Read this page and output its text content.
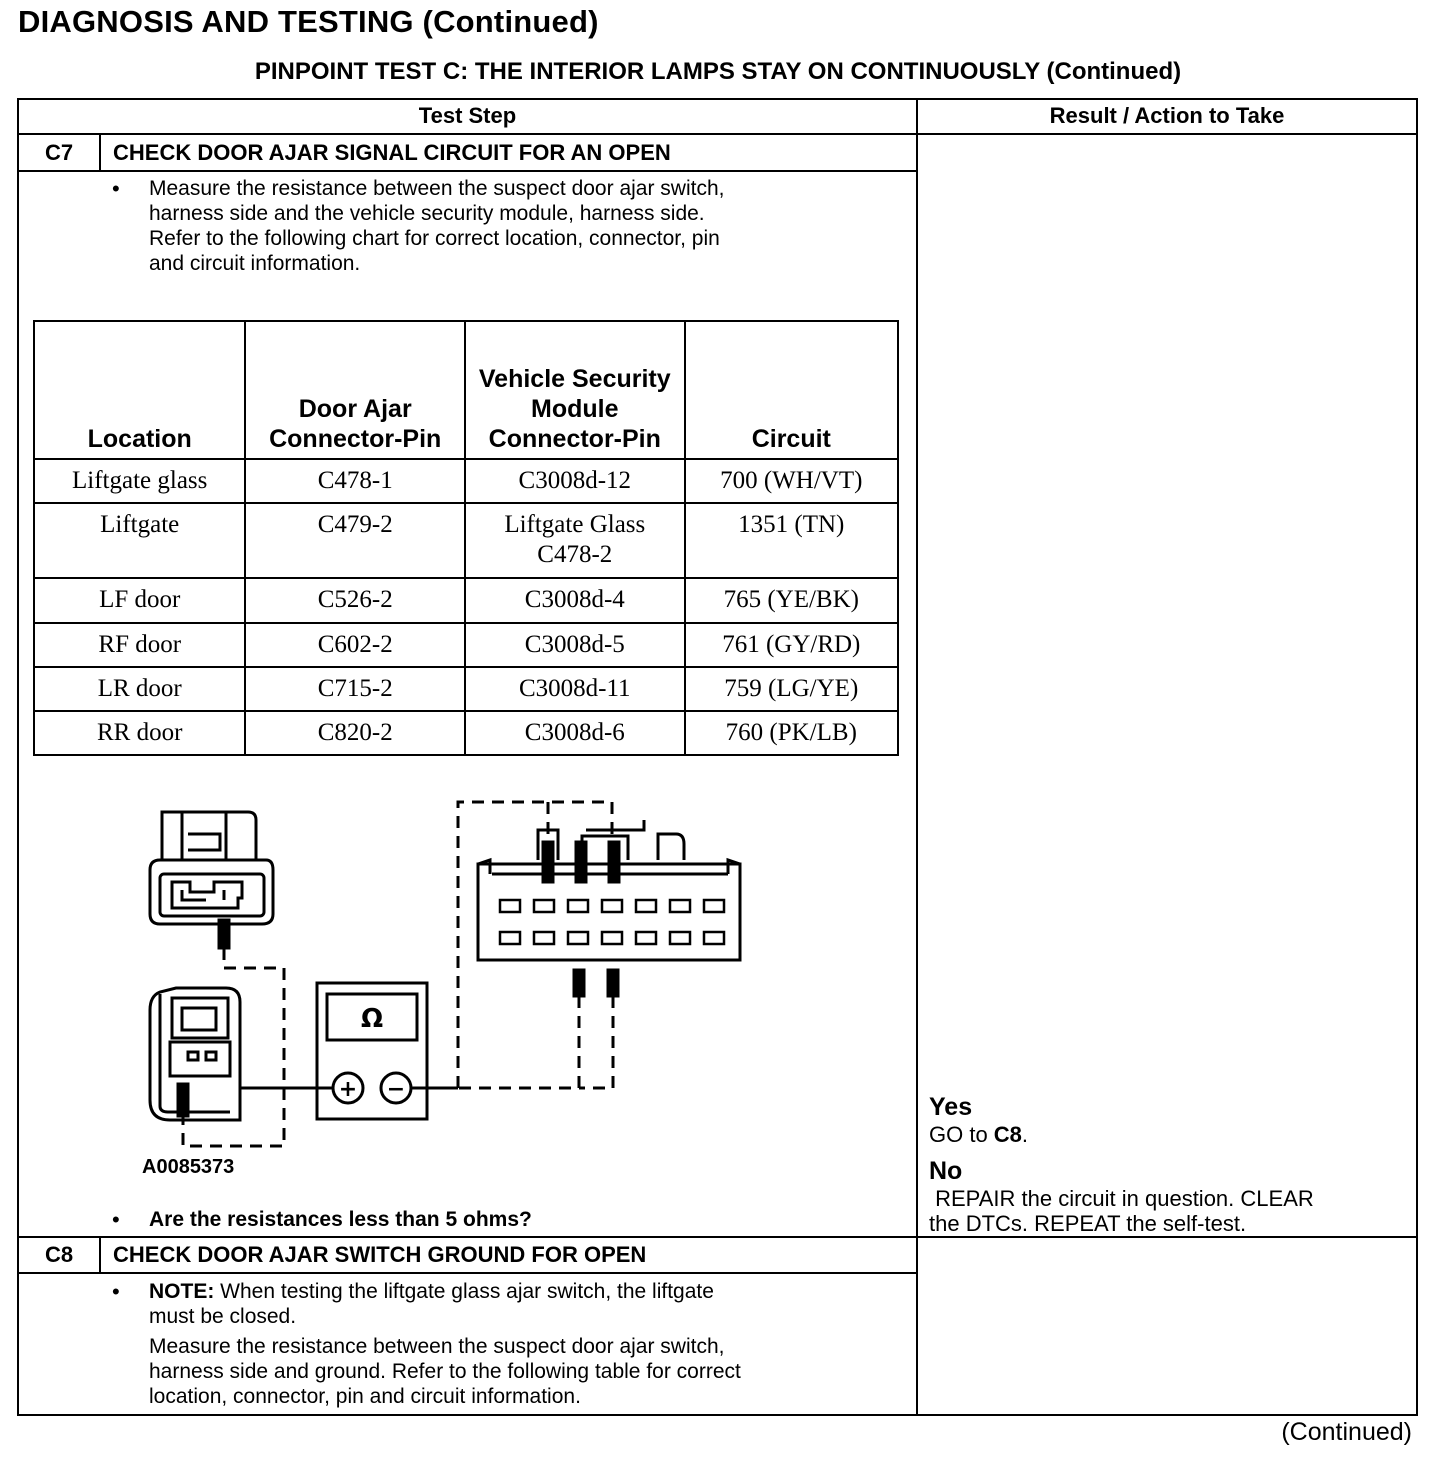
DIAGNOSIS AND TESTING (Continued)
PINPOINT TEST C: THE INTERIOR LAMPS STAY ON CONTINUOUSLY (Continued)
Test Step	Result / Action to Take
C7	CHECK DOOR AJAR SIGNAL CIRCUIT FOR AN OPEN
• Measure the resistance between the suspect door ajar switch,
harness side and the vehicle security module, harness side.
Refer to the following chart for correct location, connector, pin
and circuit information.
Location	Door Ajar Connector-Pin	Vehicle Security Module Connector-Pin	Circuit
Liftgate glass	C478-1	C3008d-12	700 (WH/VT)
Liftgate	C479-2	Liftgate Glass C478-2	1351 (TN)
LF door	C526-2	C3008d-4	765 (YE/BK)
RF door	C602-2	C3008d-5	761 (GY/RD)
LR door	C715-2	C3008d-11	759 (LG/YE)
RR door	C820-2	C3008d-6	760 (PK/LB)
Ω
+ −
A0085373
• Are the resistances less than 5 ohms?
Yes
GO to C8.
No
REPAIR the circuit in question. CLEAR
the DTCs. REPEAT the self-test.
C8	CHECK DOOR AJAR SWITCH GROUND FOR OPEN
• NOTE: When testing the liftgate glass ajar switch, the liftgate
must be closed.
Measure the resistance between the suspect door ajar switch,
harness side and ground. Refer to the following table for correct
location, connector, pin and circuit information.
(Continued)
